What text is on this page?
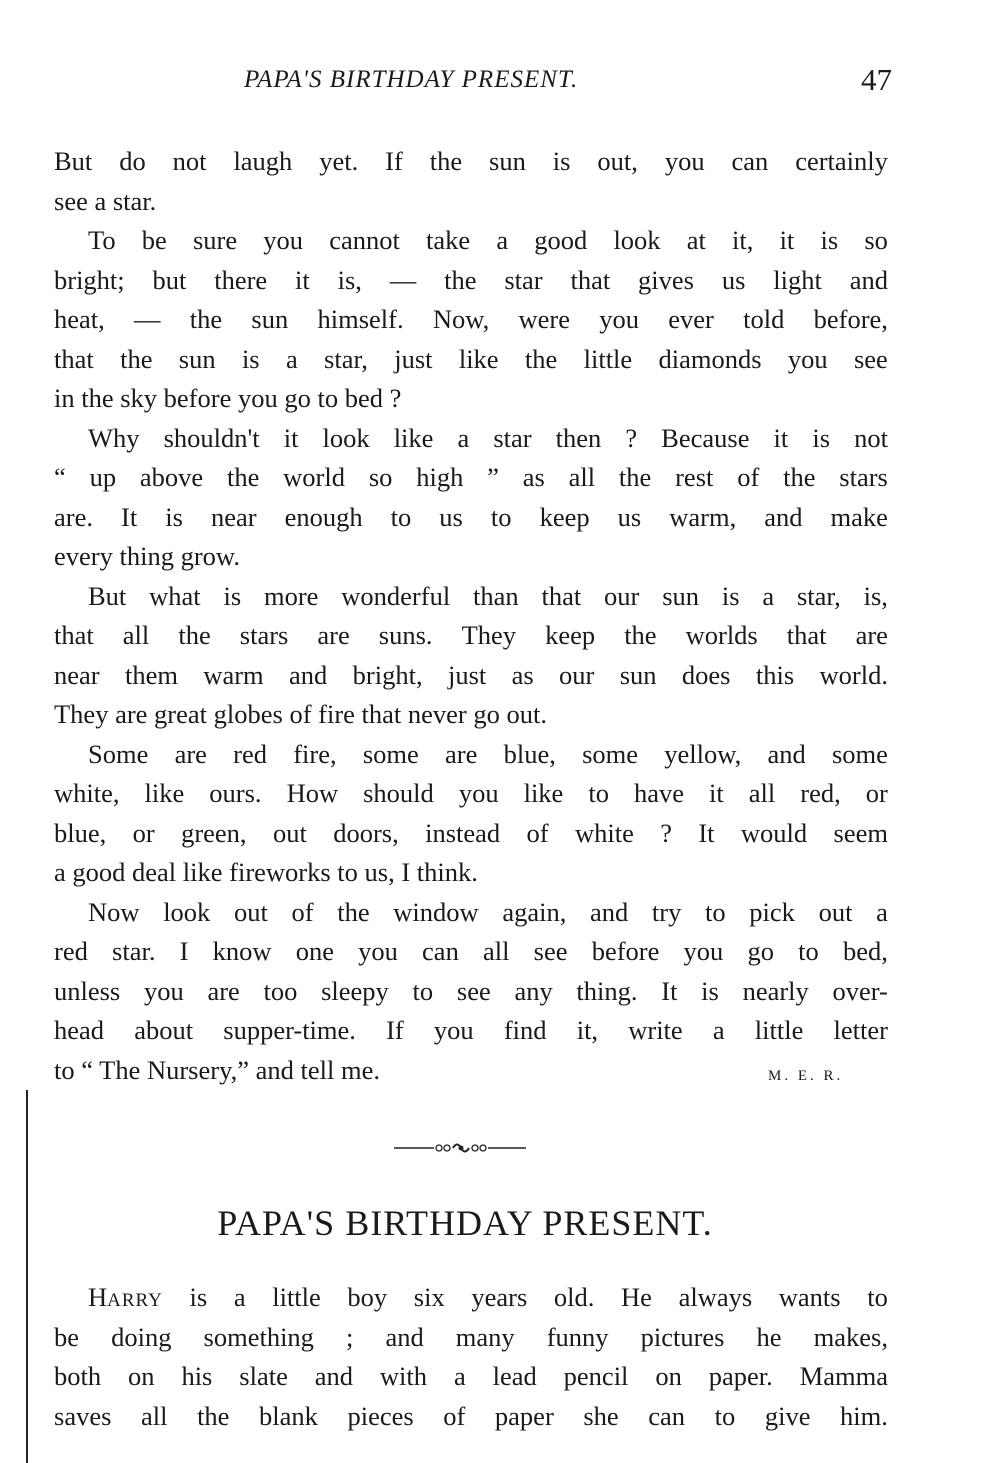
PAPA'S BIRTHDAY PRESENT.	47
But do not laugh yet. If the sun is out, you can certainly
see a star.
To be sure you cannot take a good look at it, it is so
bright; but there it is, — the star that gives us light and
heat, — the sun himself. Now, were you ever told before,
that the sun is a star, just like the little diamonds you see
in the sky before you go to bed ?
Why shouldn't it look like a star then ? Because it is not
“ up above the world so high ” as all the rest of the stars
are. It is near enough to us to keep us warm, and make
every thing grow.
But what is more wonderful than that our sun is a star, is,
that all the stars are suns. They keep the worlds that are
near them warm and bright, just as our sun does this world.
They are great globes of fire that never go out.
Some are red fire, some are blue, some yellow, and some
white, like ours. How should you like to have it all red, or
blue, or green, out doors, instead of white ? It would seem
a good deal like fireworks to us, I think.
Now look out of the window again, and try to pick out a
red star. I know one you can all see before you go to bed,
unless you are too sleepy to see any thing. It is nearly over-
head about supper-time. If you find it, write a little letter
to “ The Nursery,” and tell me.	M. E. R.
PAPA'S BIRTHDAY PRESENT.
HARRY is a little boy six years old. He always wants to
be doing something ; and many funny pictures he makes,
both on his slate and with a lead pencil on paper. Mamma
saves all the blank pieces of paper she can to give him.
